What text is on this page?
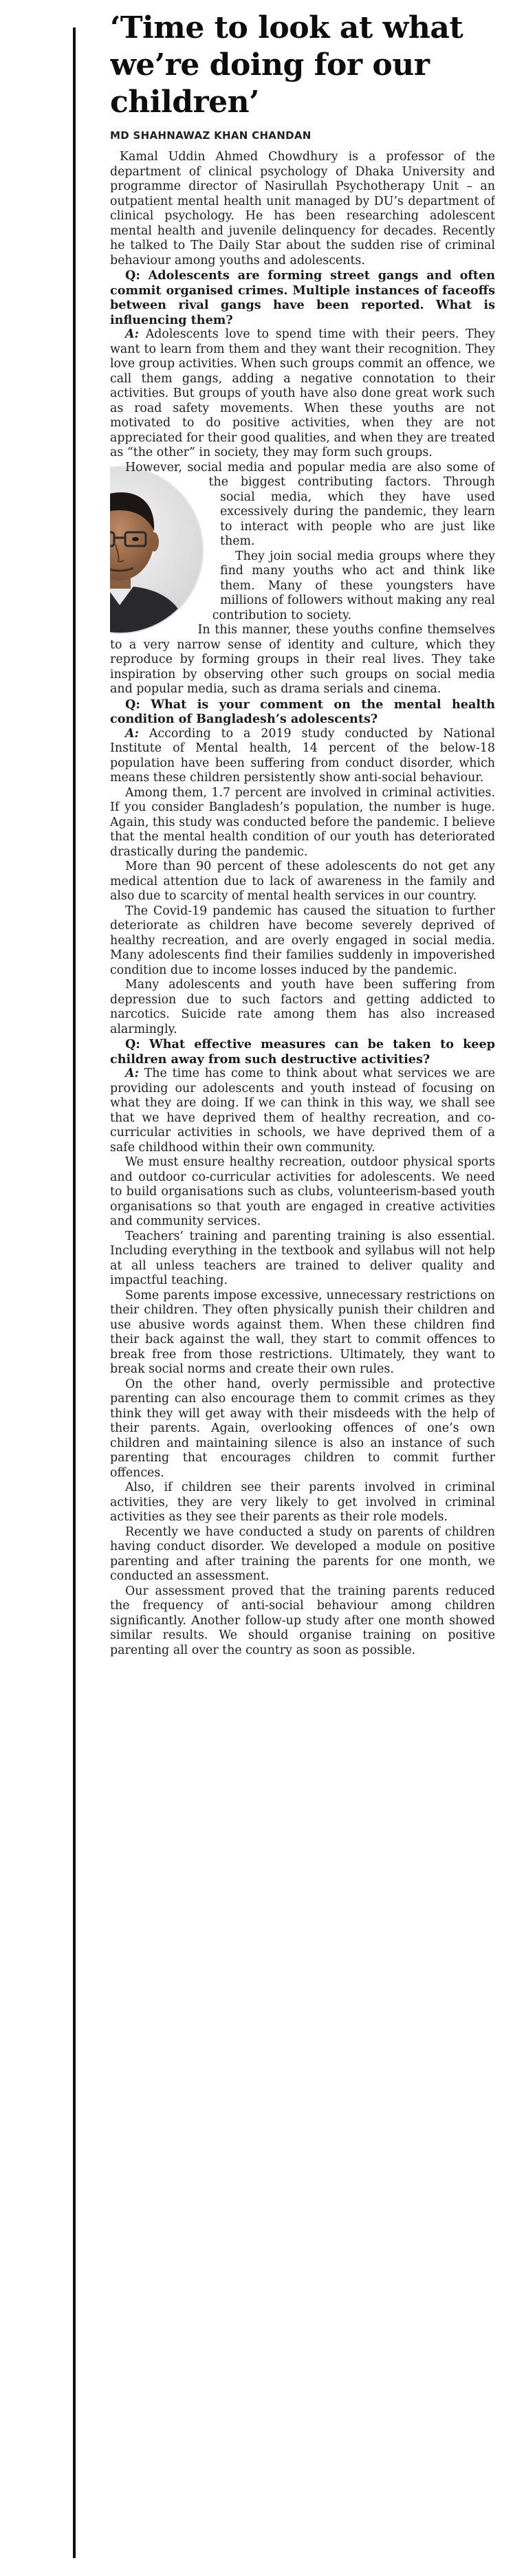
‘Time to look at what we’re doing for our children’
MD SHAHNAWAZ KHAN CHANDAN

Kamal Uddin Ahmed Chowdhury is a professor of the department of clinical psychology of Dhaka University and programme director of Nasirullah Psychotherapy Unit – an outpatient mental health unit managed by DU’s department of clinical psychology. He has been researching adolescent mental health and juvenile delinquency for decades. Recently he talked to The Daily Star about the sudden rise of criminal behaviour among youths and adolescents.

Q: Adolescents are forming street gangs and often commit organised crimes. Multiple instances of faceoffs between rival gangs have been reported. What is influencing them?

A: Adolescents love to spend time with their peers. They want to learn from them and they want their recognition. They love group activities. When such groups commit an offence, we call them gangs, adding a negative connotation to their activities. But groups of youth have also done great work such as road safety movements. When these youths are not motivated to do positive activities, when they are not appreciated for their good qualities, and when they are treated as “the other” in society, they may form such groups.

However, social media and popular media are also some of the biggest contributing factors. Through social media, which they have used excessively during the pandemic, they learn to interact with people who are just like them.

They join social media groups where they find many youths who act and think like them. Many of these youngsters have millions of followers without making any real contribution to society.

In this manner, these youths confine themselves to a very narrow sense of identity and culture, which they reproduce by forming groups in their real lives. They take inspiration by observing other such groups on social media and popular media, such as drama serials and cinema.

Q: What is your comment on the mental health condition of Bangladesh’s adolescents?

A: According to a 2019 study conducted by National Institute of Mental health, 14 percent of the below-18 population have been suffering from conduct disorder, which means these children persistently show anti-social behaviour.

Among them, 1.7 percent are involved in criminal activities. If you consider Bangladesh’s population, the number is huge. Again, this study was conducted before the pandemic. I believe that the mental health condition of our youth has deteriorated drastically during the pandemic.

More than 90 percent of these adolescents do not get any medical attention due to lack of awareness in the family and also due to scarcity of mental health services in our country.

The Covid-19 pandemic has caused the situation to further deteriorate as children have become severely deprived of healthy recreation, and are overly engaged in social media. Many adolescents find their families suddenly in impoverished condition due to income losses induced by the pandemic.

Many adolescents and youth have been suffering from depression due to such factors and getting addicted to narcotics. Suicide rate among them has also increased alarmingly.

Q: What effective measures can be taken to keep children away from such destructive activities?

A: The time has come to think about what services we are providing our adolescents and youth instead of focusing on what they are doing. If we can think in this way, we shall see that we have deprived them of healthy recreation, and co-curricular activities in schools, we have deprived them of a safe childhood within their own community.

We must ensure healthy recreation, outdoor physical sports and outdoor co-curricular activities for adolescents. We need to build organisations such as clubs, volunteerism-based youth organisations so that youth are engaged in creative activities and community services.

Teachers’ training and parenting training is also essential. Including everything in the textbook and syllabus will not help at all unless teachers are trained to deliver quality and impactful teaching.

Some parents impose excessive, unnecessary restrictions on their children. They often physically punish their children and use abusive words against them. When these children find their back against the wall, they start to commit offences to break free from those restrictions. Ultimately, they want to break social norms and create their own rules.

On the other hand, overly permissible and protective parenting can also encourage them to commit crimes as they think they will get away with their misdeeds with the help of their parents. Again, overlooking offences of one’s own children and maintaining silence is also an instance of such parenting that encourages children to commit further offences.

Also, if children see their parents involved in criminal activities, they are very likely to get involved in criminal activities as they see their parents as their role models.

Recently we have conducted a study on parents of children having conduct disorder. We developed a module on positive parenting and after training the parents for one month, we conducted an assessment.

Our assessment proved that the training parents reduced the frequency of anti-social behaviour among children significantly. Another follow-up study after one month showed similar results. We should organise training on positive parenting all over the country as soon as possible.
